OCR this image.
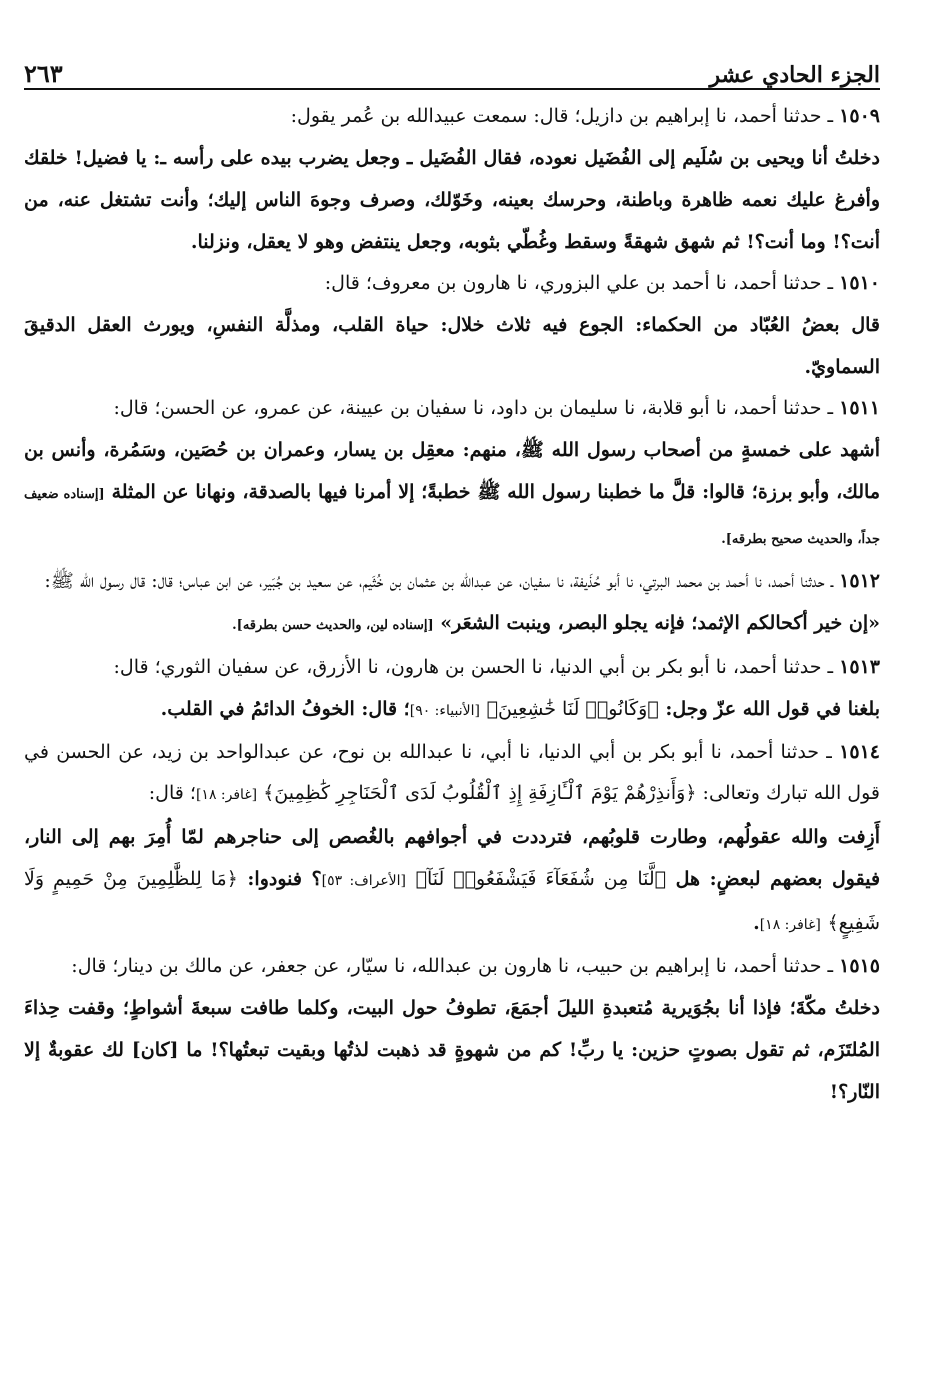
الجزء الحادي عشر
٢٦٣

١٥٠٩ ـ حدثنا أحمد، نا إبراهيم بن دازيل؛ قال: سمعت عبيدالله بن عُمر يقول:

دخلتُ أنا ويحيى بن سُلَيم إلى الفُضَيل نعوده، فقال الفُضَيل ـ وجعل يضرب بيده على رأسه ـ: يا فضيل! خلقك وأفرغ عليك نعمه ظاهرة وباطنة، وحرسك بعينه، وخَوّلك، وصرف وجوهَ الناس إليك؛ وأنت تشتغل عنه، من أنت؟! وما أنت؟! ثم شهق شهقةً وسقط وغُطّي بثوبه، وجعل ينتفض وهو لا يعقل، ونزلنا.

١٥١٠ ـ حدثنا أحمد، نا أحمد بن علي البزوري، نا هارون بن معروف؛ قال:

قال بعضُ العُبّاد من الحكماء: الجوع فيه ثلاث خلال: حياة القلب، ومذلَّة النفسِ، ويورث العقل الدقيقَ السماويّ.

١٥١١ ـ حدثنا أحمد، نا أبو قلابة، نا سليمان بن داود، نا سفيان بن عيينة، عن عمرو، عن الحسن؛ قال:

أشهد على خمسةٍ من أصحاب رسول الله ﷺ، منهم: معقِل بن يسار، وعمران بن حُصَين، وسَمُرة، وأنس بن مالك، وأبو برزة؛ قالوا: قلَّ ما خطبنا رسول الله ﷺ خطبةً؛ إلا أمرنا فيها بالصدقة، ونهانا عن المثلة [إسناده ضعيف جداً، والحديث صحيح بطرقه].

١٥١٢ ـ حدثنا أحمد، نا أحمد بن محمد البرتي، نا أبو حُذَيفة، نا سفيان، عن عبدالله بن عثمان بن خُثَيم، عن سعيد بن جُبَير، عن ابن عباس؛ قال: قال رسول الله ﷺ:

«إن خير أكحالكم الإثمد؛ فإنه يجلو البصر، وينبت الشعَر» [إسناده لين، والحديث حسن بطرقه].

١٥١٣ ـ حدثنا أحمد، نا أبو بكر بن أبي الدنيا، نا الحسن بن هارون، نا الأزرق، عن سفيان الثوري؛ قال:

بلغنا في قول الله عزّ وجل: ﴿وَكَانُوا۟ لَنَا خَٰشِعِينَ﴾ [الأنبياء: ٩٠]؛ قال: الخوفُ الدائمُ في القلب.

١٥١٤ ـ حدثنا أحمد، نا أبو بكر بن أبي الدنيا، نا أبي، نا عبدالله بن نوح، عن عبدالواحد بن زيد، عن الحسن في قول الله تبارك وتعالى: ﴿وَأَنذِرْهُمْ يَوْمَ ٱلْـَٔازِفَةِ إِذِ ٱلْقُلُوبُ لَدَى ٱلْحَنَاجِرِ كَٰظِمِينَ﴾ [غافر: ١٨]؛ قال:

أَزِفت والله عقولُهم، وطارت قلوبُهم، فترددت في أجوافهم بالغُصص إلى حناجرهم لمّا أُمِرَ بهم إلى النار، فيقول بعضهم لبعضٍ: هل ﴿لَّنَا مِن شُفَعَآءَ فَيَشْفَعُوا۟ لَنَآ﴾ [الأعراف: ٥٣]؟ فنودوا: ﴿مَا لِلظَّٰلِمِينَ مِنْ حَمِيمٍ وَلَا شَفِيعٍ﴾ [غافر: ١٨].

١٥١٥ ـ حدثنا أحمد، نا إبراهيم بن حبيب، نا هارون بن عبدالله، نا سيّار، عن جعفر، عن مالك بن دينار؛ قال:

دخلتُ مكّةَ؛ فإذا أنا بجُوَيرية مُتعبدةِ الليلَ أجمَعَ، تطوفُ حول البيت، وكلما طافت سبعةَ أشواطٍ؛ وقفت حِذاءَ المُلتَزَم، ثم تقول بصوتٍ حزين: يا ربِّ! كم من شهوةٍ قد ذهبت لذتُها وبقيت تبعتُها؟! ما [كان] لك عقوبةٌ إلا النّار؟!
